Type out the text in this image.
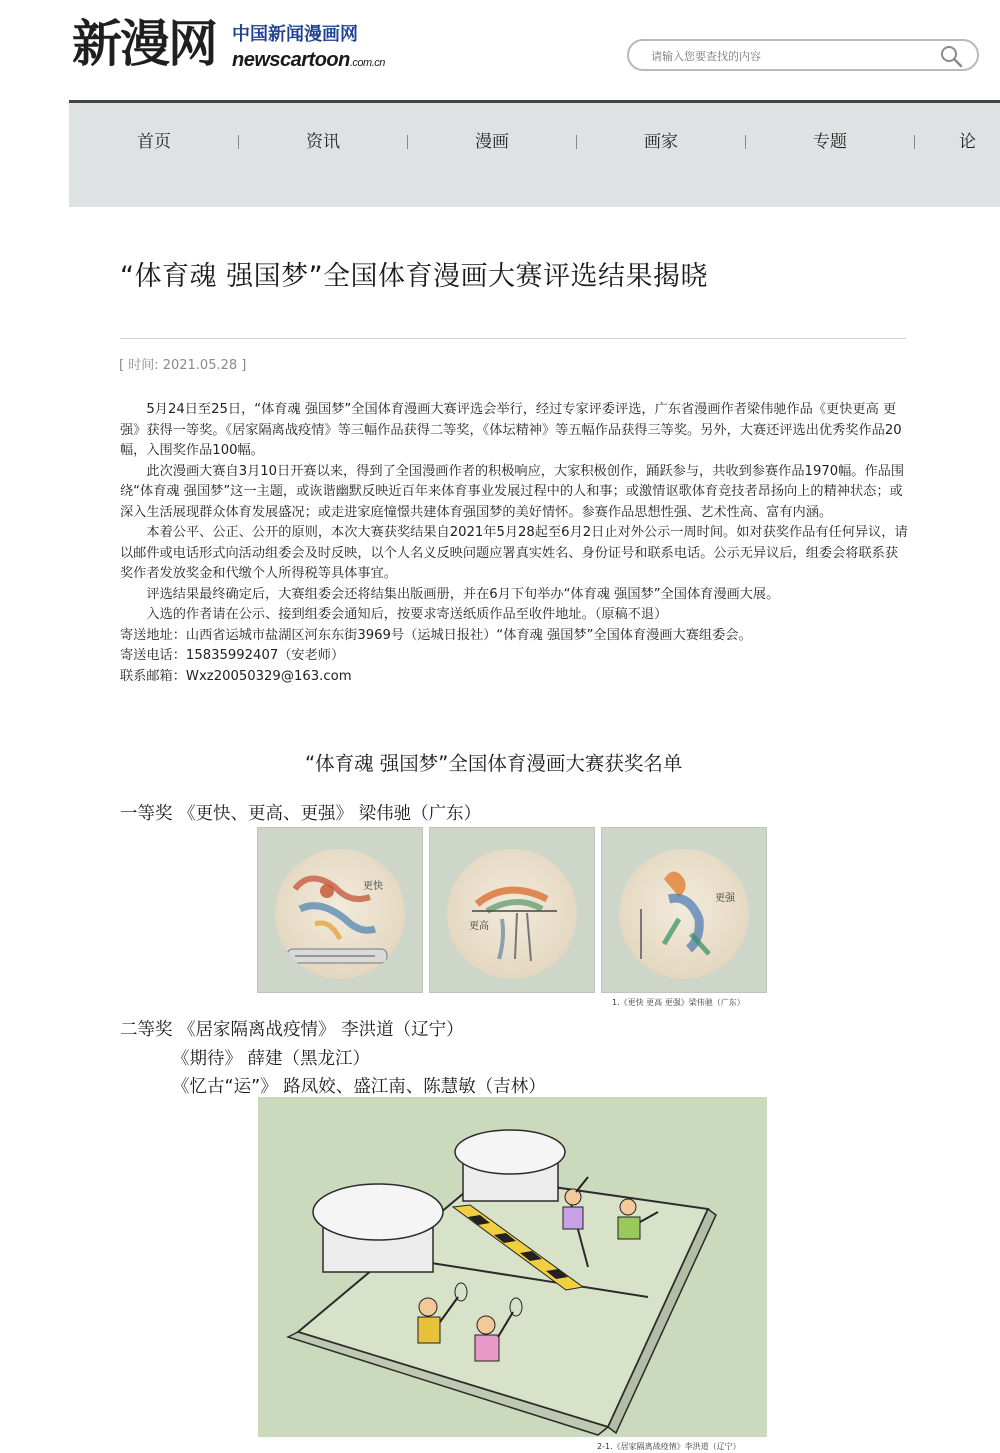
新漫网 中国新闻漫画网
newscartoon.com.cn
请输入您要查找的内容
首页	资讯	漫画	画家	专题	论
“体育魂 强国梦”全国体育漫画大赛评选结果揭晓
[ 时间: 2021.05.28 ]

5月24日至25日，“体育魂 强国梦”全国体育漫画大赛评选会举行，经过专家评委评选，广东省漫画作者梁伟驰作品《更快更高 更强》获得一等奖。《居家隔离战疫情》等三幅作品获得二等奖，《体坛精神》等五幅作品获得三等奖。另外，大赛还评选出优秀奖作品20幅，入围奖作品100幅。

此次漫画大赛自3月10日开赛以来，得到了全国漫画作者的积极响应，大家积极创作，踊跃参与，共收到参赛作品1970幅。作品围绕“体育魂 强国梦”这一主题，或诙谐幽默反映近百年来体育事业发展过程中的人和事；或激情讴歌体育竞技者昂扬向上的精神状态；或深入生活展现群众体育发展盛况；或走进家庭憧憬共建体育强国梦的美好情怀。参赛作品思想性强、艺术性高、富有内涵。

本着公平、公正、公开的原则，本次大赛获奖结果自2021年5月28起至6月2日止对外公示一周时间。如对获奖作品有任何异议，请以邮件或电话形式向活动组委会及时反映，以个人名义反映问题应署真实姓名、身份证号和联系电话。公示无异议后，组委会将联系获奖作者发放奖金和代缴个人所得税等具体事宜。

评选结果最终确定后，大赛组委会还将结集出版画册，并在6月下旬举办“体育魂 强国梦”全国体育漫画大展。

入选的作者请在公示、接到组委会通知后，按要求寄送纸质作品至收件地址。（原稿不退）

寄送地址：山西省运城市盐湖区河东东街3969号（运城日报社）“体育魂 强国梦”全国体育漫画大赛组委会。

寄送电话：15835992407（安老师）

联系邮箱：Wxz20050329@163.com

“体育魂 强国梦”全国体育漫画大赛获奖名单
一等奖 《更快、更高、更强》 梁伟驰（广东）
更快
更高
更强
1.《更快 更高 更强》梁伟驰（广东）
二等奖 《居家隔离战疫情》 李洪道（辽宁）
《期待》 薛建（黑龙江）
《忆古“运”》 路凤姣、盛江南、陈慧敏（吉林）
2-1.《居家隔离战疫情》李洪道（辽宁）
